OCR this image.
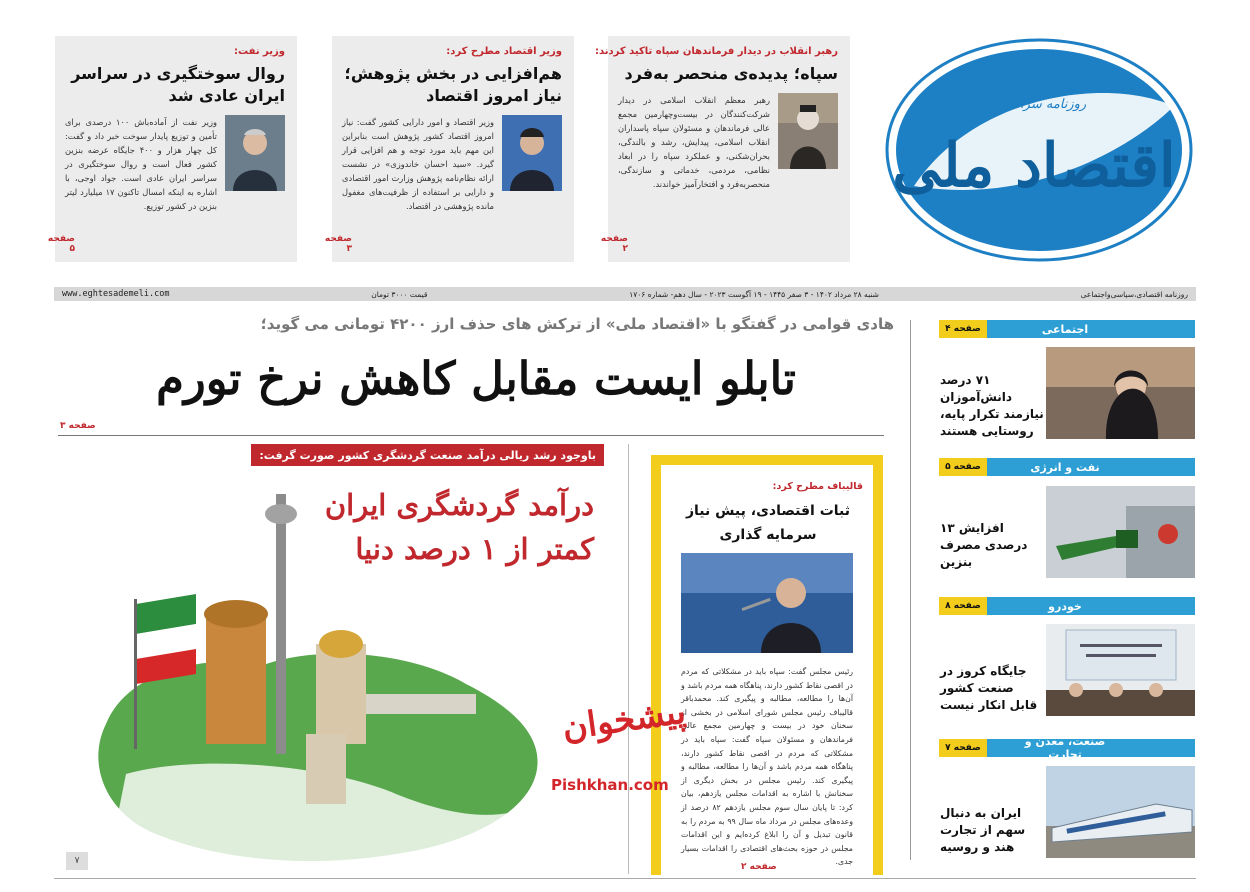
رهبر انقلاب در دیدار فرماندهان سپاه تاکید کردند:
سپاه؛ پدیده‌ی منحصر به‌فرد
رهبر معظم انقلاب اسلامی در دیدار شرکت‌کنندگان در بیست‌وچهارمین مجمع عالی فرماندهان و مسئولان سپاه پاسداران انقلاب اسلامی، پیدایش، رشد و بالندگی، بحران‌شکنی، و عملکرد سپاه را در ابعاد نظامی، مردمی، خدماتی و سازندگی، منحصربه‌فرد و افتخارآمیز خواندند.
صفحه ۲
وزیر اقتصاد مطرح کرد:
هم‌افزایی در بخش پژوهش؛ نیاز امروز اقتصاد
وزیر اقتصاد و امور دارایی کشور گفت: نیاز امروز اقتصاد کشور پژوهش است بنابراین این مهم باید مورد توجه و هم افزایی قرار گیرد. «سید احسان خاندوزی» در نشست ارائه نظام‌نامه پژوهش وزارت امور اقتصادی و دارایی بر استفاده از ظرفیت‌های مغفول مانده پژوهشی در اقتصاد.
صفحه ۳
وزیر نفت:
روال سوختگیری در سراسر ایران عادی شد
وزیر نفت از آماده‌باش ۱۰۰ درصدی برای تأمین و توزیع پایدار سوخت خبر داد و گفت: کل چهار هزار و ۴۰۰ جایگاه عرضه بنزین کشور فعال است و روال سوختگیری در سراسر ایران عادی است. جواد اوجی، با اشاره به اینکه امسال تاکنون ۱۷ میلیارد لیتر بنزین در کشور توزیع.
صفحه ۵
روزنامه سراسری
اقتصاد ملی
روزنامه اقتصادی،سیاسی‌واجتماعی
شنبه ۲۸ مرداد ۱۴۰۲ - ۳ صفر ۱۴۴۵ - ۱۹ آگوست ۲۰۲۳ - سال دهم- شماره ۱۷۰۶
قیمت ۳۰۰۰ تومان
www.eghtesademeli.com
اجتماعی
صفحه ۴
۷۱ درصد دانش‌آموزان نیازمند تکرار پایه، روستایی هستند
نفت و انرژی
صفحه ۵
افزایش ۱۳ درصدی مصرف بنزین
خودرو
صفحه ۸
جایگاه کروز در صنعت کشور قابل انکار نیست
صنعت، معدن و تجارت
صفحه ۷
ایران به دنبال سهم از تجارت هند و روسیه
هادی قوامی در گفتگو با «اقتصاد ملی» از ترکش های حذف ارز ۴۲۰۰ تومانی می گوید؛
تابلو ایست مقابل کاهش نرخ تورم
صفحه ۳
باوجود رشد ریالی درآمد صنعت گردشگری کشور صورت گرفت:
درآمد گردشگری ایران
کمتر از ۱ درصد دنیا
۷
قالیباف مطرح کرد:
ثبات اقتصادی، پیش نیاز سرمایه گذاری
رئیس مجلس گفت: سپاه باید در مشکلاتی که مردم در اقصی نقاط کشور دارند، پناهگاه همه مردم باشد و آن‌ها را مطالعه، مطالبه و پیگیری کند. محمدباقر قالیباف رئیس مجلس شورای اسلامی در بخشی از سخنان خود در بیست و چهارمین مجمع عالی فرماندهان و مسئولان سپاه گفت: سپاه باید در مشکلاتی که مردم در اقصی نقاط کشور دارند، پناهگاه همه مردم باشد و آن‌ها را مطالعه، مطالبه و پیگیری کند. رئیس مجلس در بخش دیگری از سخنانش با اشاره به اقدامات مجلس یازدهم، بیان کرد: تا پایان سال سوم مجلس یازدهم ۸۲ درصد از وعده‌های مجلس در مرداد ماه سال ۹۹ به مردم را به قانون تبدیل و آن را ابلاغ کرده‌ایم و این اقدامات مجلس در حوزه بحث‌های اقتصادی را اقدامات بسیار جدی.
صفحه ۲
پیشخوان
Pishkhan.com
